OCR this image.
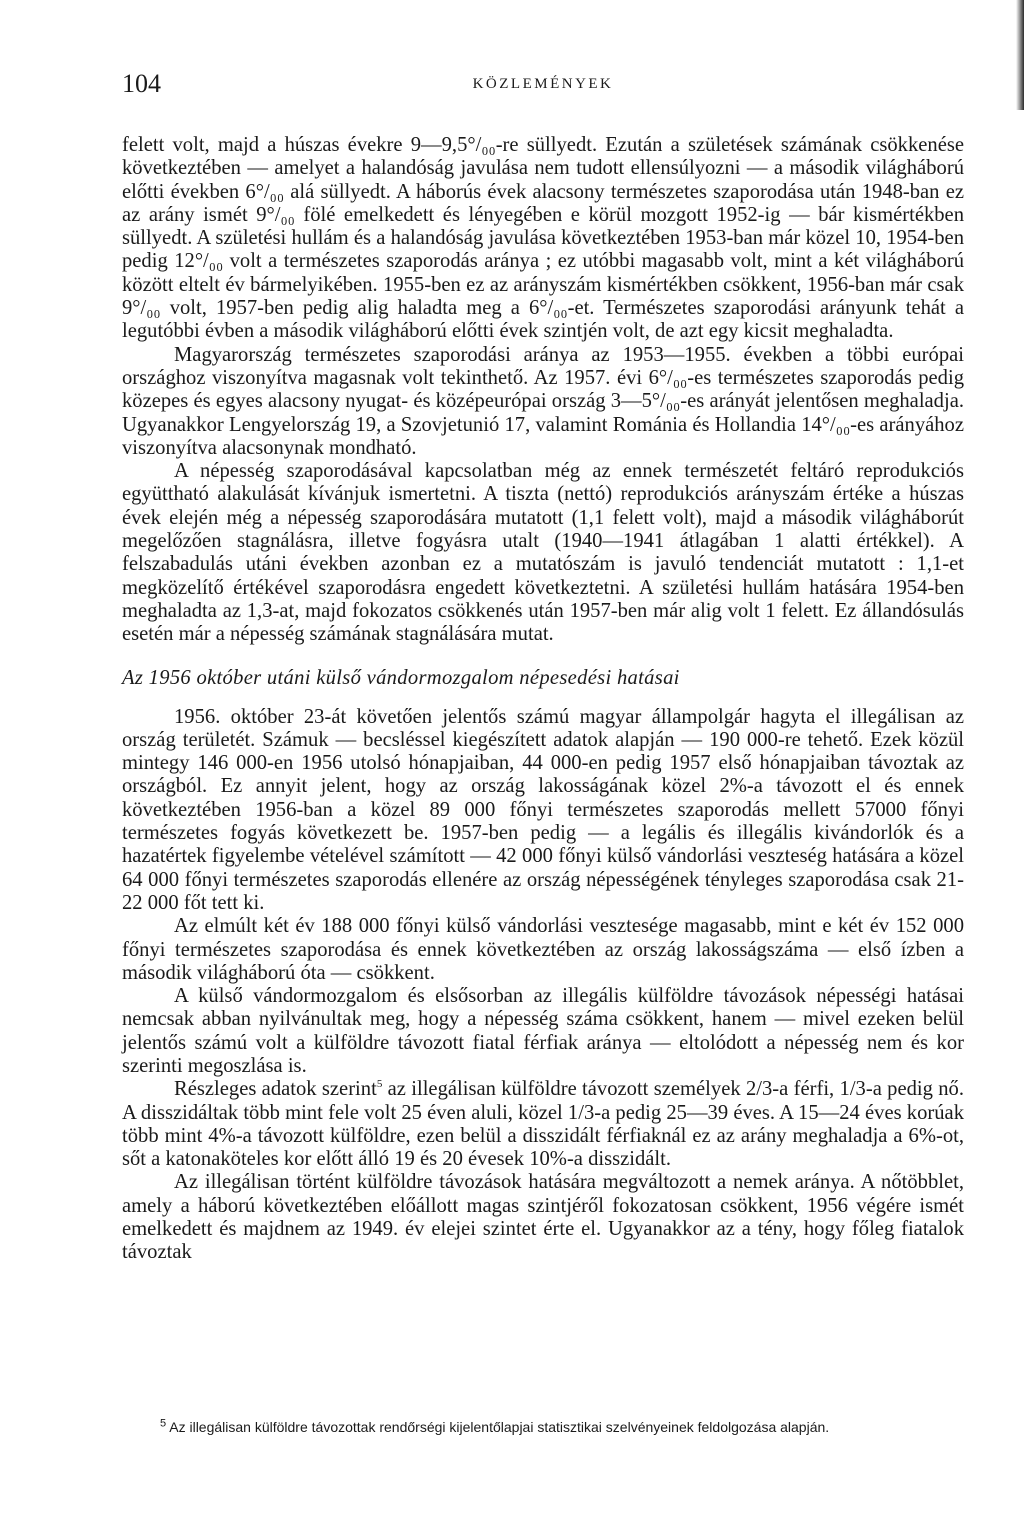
104	KÖZLEMÉNYEK

felett volt, majd a húszas évekre 9—9,5°/₀₀-re süllyedt. Ezután a születések számának csökkenése következtében — amelyet a halandóság javulása nem tudott ellensúlyozni — a második világháború előtti években 6°/₀₀ alá süllyedt. A háborús évek alacsony természetes szaporodása után 1948-ban ez az arány ismét 9°/₀₀ fölé emelkedett és lényegében e körül mozgott 1952-ig — bár kismértékben süllyedt. A születési hullám és a halandóság javulása következtében 1953-ban már közel 10, 1954-ben pedig 12°/₀₀ volt a természetes szaporodás aránya ; ez utóbbi magasabb volt, mint a két világháború között eltelt év bármelyikében. 1955-ben ez az arányszám kismértékben csökkent, 1956-ban már csak 9°/₀₀ volt, 1957-ben pedig alig haladta meg a 6°/₀₀-et. Természetes szaporodási arányunk tehát a legutóbbi évben a második világháború előtti évek szintjén volt, de azt egy kicsit meghaladta.

Magyarország természetes szaporodási aránya az 1953—1955. években a többi európai országhoz viszonyítva magasnak volt tekinthető. Az 1957. évi 6°/₀₀-es természetes szaporodás pedig közepes és egyes alacsony nyugat- és középeurópai ország 3—5°/₀₀-es arányát jelentősen meghaladja. Ugyanakkor Lengyelország 19, a Szovjetunió 17, valamint Románia és Hollandia 14°/₀₀-es arányához viszonyítva alacsonynak mondható.

A népesség szaporodásával kapcsolatban még az ennek természetét feltáró reprodukciós együttható alakulását kívánjuk ismertetni. A tiszta (nettó) reprodukciós arányszám értéke a húszas évek elején még a népesség szaporodására mutatott (1,1 felett volt), majd a második világháborút megelőzően stagnálásra, illetve fogyásra utalt (1940—1941 átlagában 1 alatti értékkel). A felszabadulás utáni években azonban ez a mutatószám is javuló tendenciát mutatott : 1,1-et megközelítő értékével szaporodásra engedett következtetni. A születési hullám hatására 1954-ben meghaladta az 1,3-at, majd fokozatos csökkenés után 1957-ben már alig volt 1 felett. Ez állandósulás esetén már a népesség számának stagnálására mutat.

Az 1956 október utáni külső vándormozgalom népesedési hatásai

1956. október 23-át követően jelentős számú magyar állampolgár hagyta el illegálisan az ország területét. Számuk — becsléssel kiegészített adatok alapján — 190 000-re tehető. Ezek közül mintegy 146 000-en 1956 utolsó hónapjaiban, 44 000-en pedig 1957 első hónapjaiban távoztak az országból. Ez annyit jelent, hogy az ország lakosságának közel 2%-a távozott el és ennek következtében 1956-ban a közel 89 000 főnyi természetes szaporodás mellett 57000 főnyi természetes fogyás következett be. 1957-ben pedig — a legális és illegális kivándorlók és a hazatértek figyelembe vételével számított — 42 000 főnyi külső vándorlási veszteség hatására a közel 64 000 főnyi természetes szaporodás ellenére az ország népességének tényleges szaporodása csak 21-22 000 főt tett ki.

Az elmúlt két év 188 000 főnyi külső vándorlási vesztesége magasabb, mint e két év 152 000 főnyi természetes szaporodása és ennek következtében az ország lakosságszáma — első ízben a második világháború óta — csökkent.

A külső vándormozgalom és elsősorban az illegális külföldre távozások népességi hatásai nemcsak abban nyilvánultak meg, hogy a népesség száma csökkent, hanem — mivel ezeken belül jelentős számú volt a külföldre távozott fiatal férfiak aránya — eltolódott a népesség nem és kor szerinti megoszlása is.

Részleges adatok szerint$^5$ az illegálisan külföldre távozott személyek 2/3-a férfi, 1/3-a pedig nő. A disszidáltak több mint fele volt 25 éven aluli, közel 1/3-a pedig 25—39 éves. A 15—24 éves korúak több mint 4%-a távozott külföldre, ezen belül a disszidált férfiaknál ez az arány meghaladja a 6%-ot, sőt a katonaköteles kor előtt álló 19 és 20 évesek 10%-a disszidált.

Az illegálisan történt külföldre távozások hatására megváltozott a nemek aránya. A nőtöbblet, amely a háború következtében előállott magas szintjéről fokozatosan csökkent, 1956 végére ismét emelkedett és majdnem az 1949. év elejei szintet érte el. Ugyanakkor az a tény, hogy főleg fiatalok távoztak

$^5$ Az illegálisan külföldre távozottak rendőrségi kijelentőlapjai statisztikai szelvényeinek feldolgozása alapján.
